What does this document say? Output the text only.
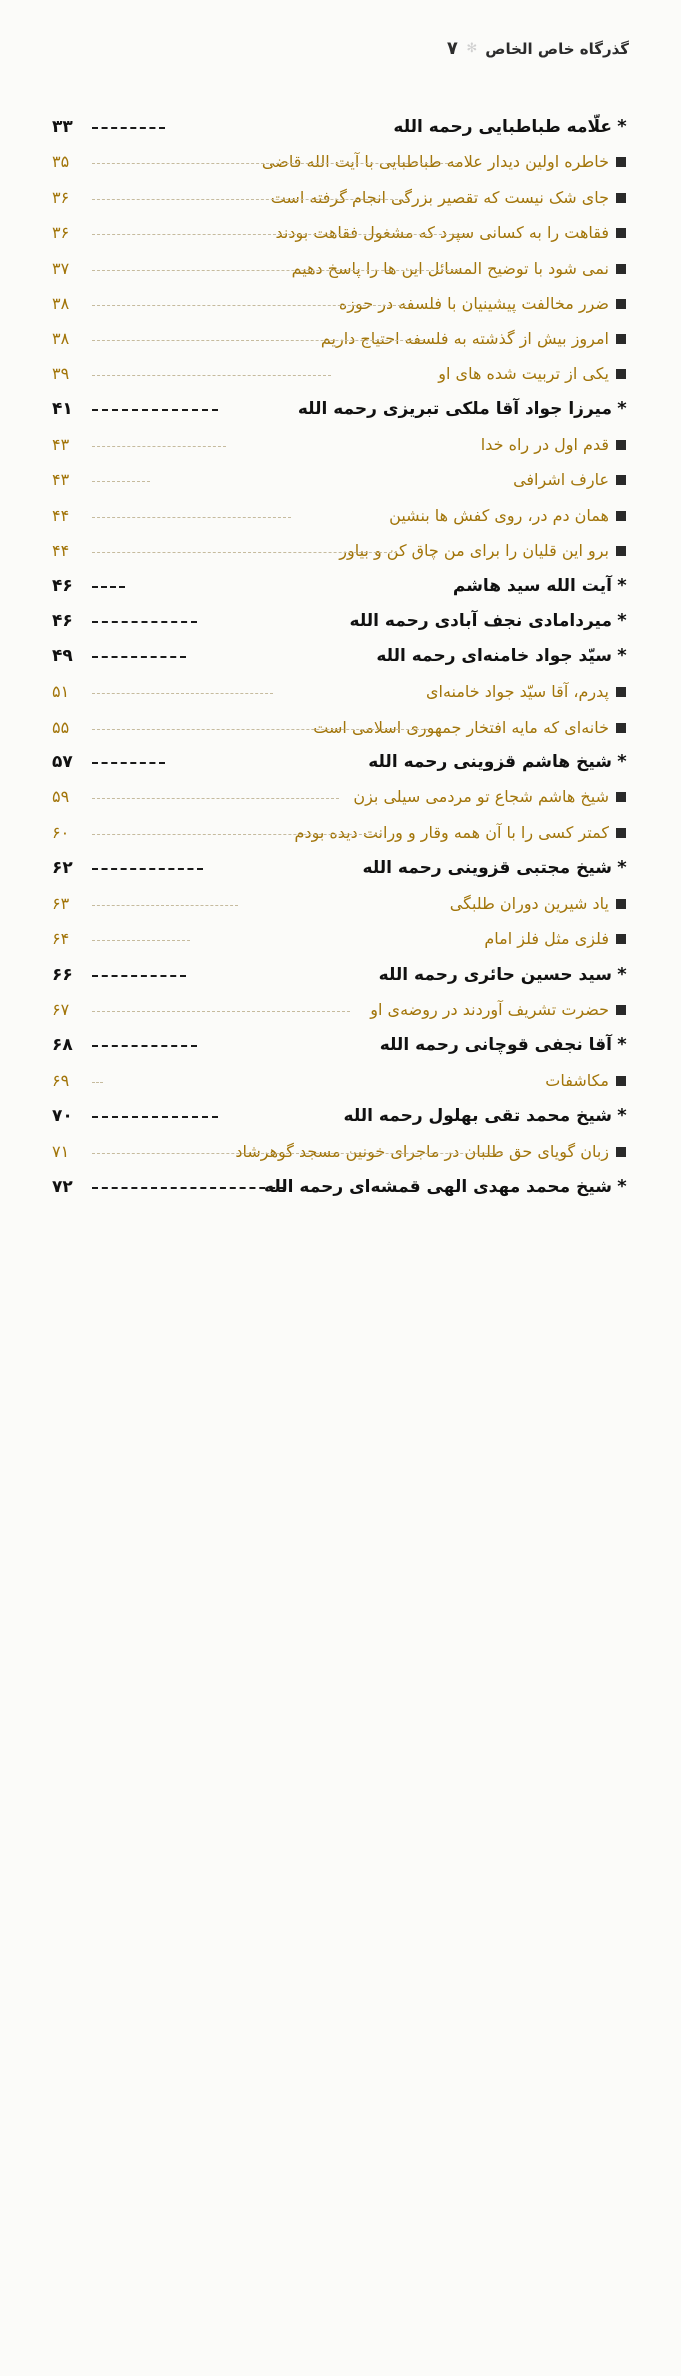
گذرگاه خاص الخاص
✻
۷
*
علّامه طباطبایی رحمه الله
۳۳
خاطره اولین دیدار علامه طباطبایی با آیت الله قاضی
۳۵
جای شک نیست که تقصیر بزرگی انجام گرفته است
۳۶
فقاهت را به کسانی سپرد که مشغول فقاهت بودند
۳۶
نمی شود با توضیح المسائل این ها را پاسخ دهیم
۳۷
ضرر مخالفت پیشینیان با فلسفه در حوزه
۳۸
امروز بیش از گذشته به فلسفه احتیاج داریم
۳۸
یکی از تربیت شده های او
۳۹
*
میرزا جواد آقا ملکی تبریزی رحمه الله
۴۱
قدم اول در راه خدا
۴۳
عارف اشرافی
۴۳
همان دم در، روی کفش ها بنشین
۴۴
برو این قلیان را برای من چاق کن و بیاور
۴۴
*
آیت الله سید هاشم
۴۶
*
میردامادی نجف آبادی رحمه الله
۴۶
*
سیّد جواد خامنه‌ای رحمه الله
۴۹
پدرم، آقا سیّد جواد خامنه‌ای
۵۱
خانه‌ای که مایه افتخار جمهوری اسلامی است
۵۵
*
شیخ هاشم قزوینی رحمه الله
۵۷
شیخ هاشم شجاع تو مردمی سیلی بزن
۵۹
کمتر کسی را با آن همه وقار و ورانت دیده بودم
۶۰
*
شیخ مجتبی قزوینی رحمه الله
۶۲
یاد شیرین دوران طلبگی
۶۳
فلزی مثل فلز امام
۶۴
*
سید حسین حائری رحمه الله
۶۶
حضرت تشریف آوردند در روضه‌ی او
۶۷
*
آقا نجفی قوچانی رحمه الله
۶۸
مکاشفات
۶۹
*
شیخ محمد تقی بهلول رحمه الله
۷۰
زبان گویای حق طلبان در ماجرای خونین مسجد گوهرشاد
۷۱
*
شیخ محمد مهدی الهی قمشه‌ای رحمه الله
۷۲
